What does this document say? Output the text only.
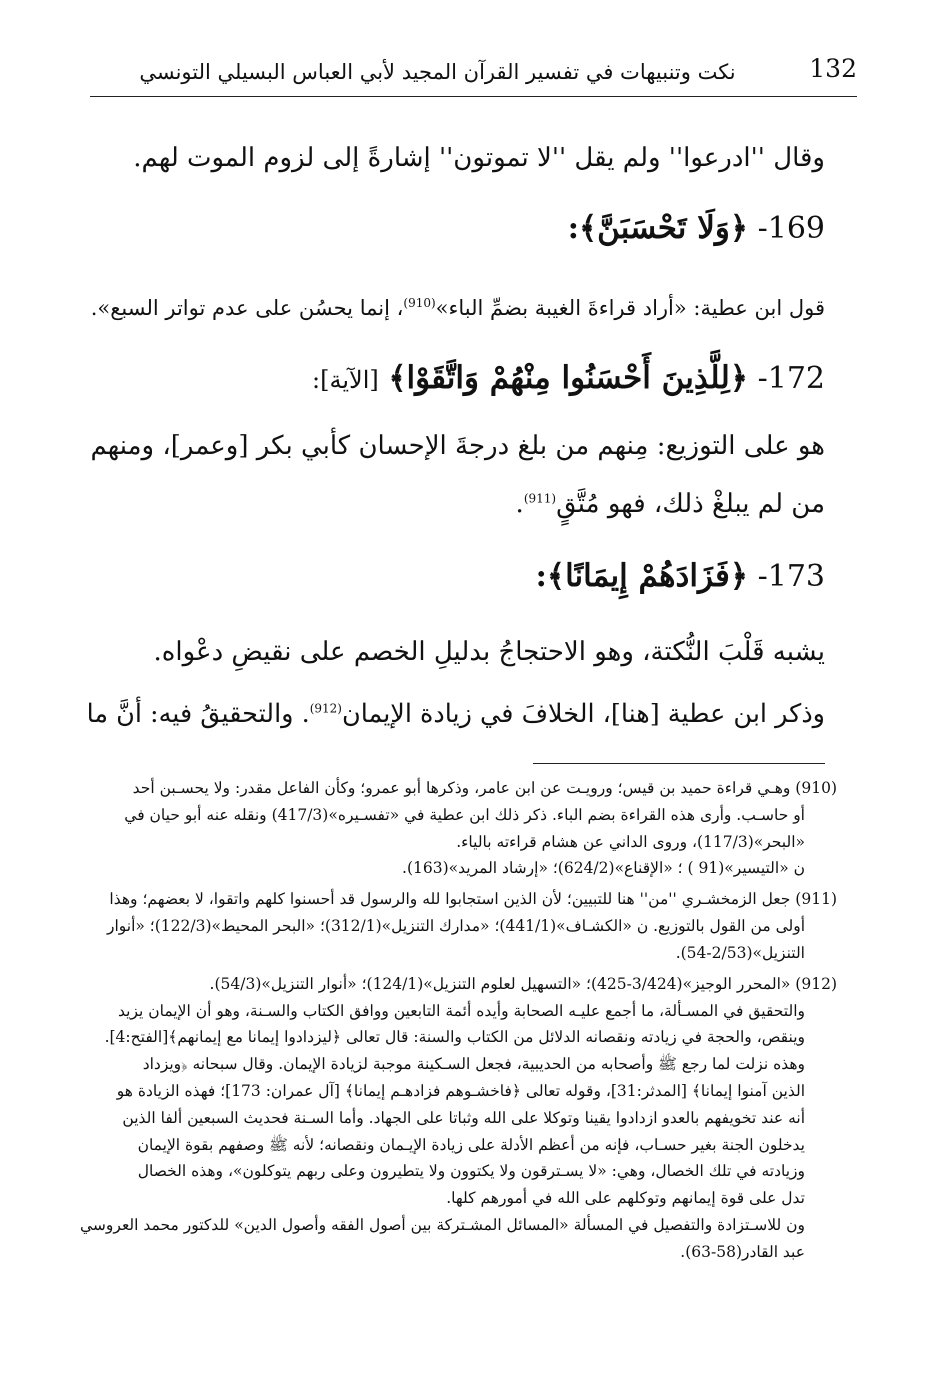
132
نكت وتنبيهات في تفسير القرآن المجيد لأبي العباس البسيلي التونسي

وقال ''ادرعوا'' ولم يقل ''لا تموتون'' إشارةً إلى لزوم الموت لهم.

169- ﴿وَلَا تَحْسَبَنَّ﴾:

قول ابن عطية: «أراد قراءةَ الغيبة بضمِّ الباء»$^{(910)}$، إنما يحسُن على عدم تواتر السبع».

172- ﴿لِلَّذِينَ أَحْسَنُوا مِنْهُمْ وَاتَّقَوْا﴾ [الآية]:

هو على التوزيع: مِنهم من بلغ درجةَ الإحسان كأبي بكر [وعمر]، ومنهم

من لم يبلغْ ذلك، فهو مُتَّقٍ$^{(911)}$.

173- ﴿فَزَادَهُمْ إِيمَانًا﴾:

يشبه قَلْبَ النُّكتة، وهو الاحتجاجُ بدليلِ الخصم على نقيضِ دعْواه.

وذكر ابن عطية [هنا]، الخلافَ في زيادة الإيمان$^{(912)}$. والتحقيقُ فيه: أنَّ ما

(910) وهـي قراءة حميد بن قيس؛ ورويـت عن ابن عامر، وذكرها أبو عمرو؛ وكأن الفاعل مقدر: ولا يحسـبن أحد

أو حاسـب. وأرى هذه القراءة بضم الباء. ذكر ذلك ابن عطية في «تفسـيره»(417/3) ونقله عنه أبو حيان في

«البحر»(117/3)، وروى الداني عن هشام قراءته بالياء.

ن «التيسير»(91 ) ؛ «الإقناع»(624/2)؛ «إرشاد المريد»(163).

(911) جعل الزمخشـري ''من'' هنا للتبيين؛ لأن الذين استجابوا لله والرسول قد أحسنوا كلهم واتقوا، لا بعضهم؛ وهذا

أولى من القول بالتوزيع. ن «الكشـاف»(441/1)؛ «مدارك التنزيل»(312/1)؛ «البحر المحيط»(122/3)؛ «أنوار

التنزيل»(2/53-54).

(912) «المحرر الوجيز»(3/424-425)؛ «التسهيل لعلوم التنزيل»(124/1)؛ «أنوار التنزيل»(54/3).

والتحقيق في المسـألة، ما أجمع عليـه الصحابة وأيده أئمة التابعين ووافق الكتاب والسـنة، وهو أن الإيمان يزيد

وينقص، والحجة في زيادته ونقصانه الدلائل من الكتاب والسنة: قال تعالى ﴿ليزدادوا إيمانا مع إيمانهم﴾[الفتح:4].

وهذه نزلت لما رجع ﷺ وأصحابه من الحديبية، فجعل السـكينة موجبة لزيادة الإيمان. وقال سبحانه ﴿ويزداد

الذين آمنوا إيمانا﴾ [المدثر:31]، وقوله تعالى ﴿فاخشـوهم فزادهـم إيمانا﴾ [آل عمران: 173]؛ فهذه الزيادة هو

أنه عند تخويفهم بالعدو ازدادوا يقينا وتوكلا على الله وثباتا على الجهاد. وأما السـنة فحديث السبعين ألفا الذين

يدخلون الجنة بغير حسـاب، فإنه من أعظم الأدلة على زيادة الإيـمان ونقصانه؛ لأنه ﷺ وصفهم بقوة الإيمان

وزيادته في تلك الخصال، وهي: «لا يسـترقون ولا يكتوون ولا يتطيرون وعلى ربهم يتوكلون»، وهذه الخصال

تدل على قوة إيمانهم وتوكلهم على الله في أمورهم كلها.

ون للاسـتزادة والتفصيل في المسألة «المسائل المشـتركة بين أصول الفقه وأصول الدين» للدكتور محمد العروسي

عبد القادر(58-63).
